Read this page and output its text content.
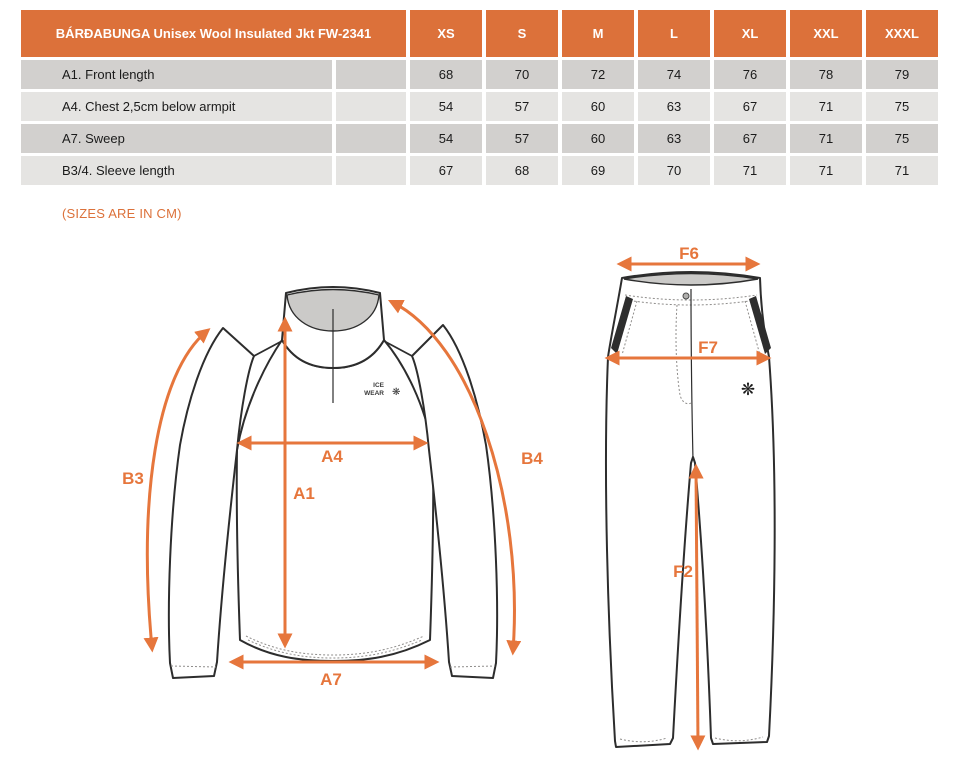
BÁRÐABUNGA Unisex Wool Insulated Jkt FW-2341	XS	S	M	L	XL	XXL	XXXL
A1. Front length	68	70	72	74	76	78	79
A4. Chest 2,5cm below armpit	54	57	60	63	67	71	75
A7. Sweep	54	57	60	63	67	71	75
B3/4. Sleeve length	67	68	69	70	71	71	71
(SIZES ARE IN CM)
ICE
WEAR ❋
B3
A4
A1
B4
A7
❋
F6
F7
F2
